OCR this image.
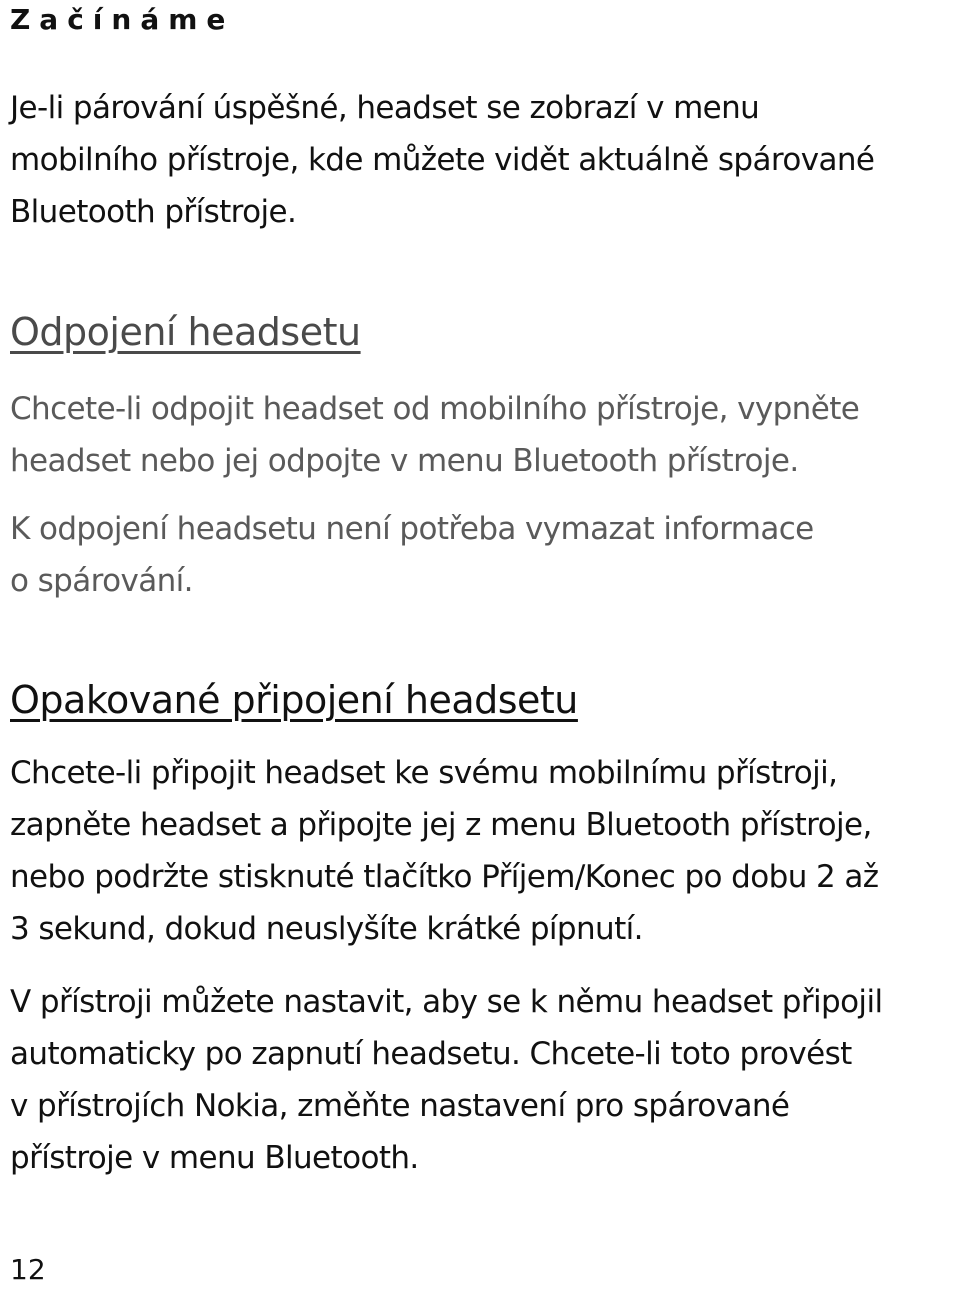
Začínáme
Je-li párování úspěšné, headset se zobrazí v menu
mobilního přístroje, kde můžete vidět aktuálně spárované
Bluetooth přístroje.
Odpojení headsetu
Chcete-li odpojit headset od mobilního přístroje, vypněte
headset nebo jej odpojte v menu Bluetooth přístroje.
K odpojení headsetu není potřeba vymazat informace
o spárování.
Opakované připojení headsetu
Chcete-li připojit headset ke svému mobilnímu přístroji,
zapněte headset a připojte jej z menu Bluetooth přístroje,
nebo podržte stisknuté tlačítko Příjem/Konec po dobu 2 až
3 sekund, dokud neuslyšíte krátké pípnutí.
V přístroji můžete nastavit, aby se k němu headset připojil
automaticky po zapnutí headsetu. Chcete-li toto provést
v přístrojích Nokia, změňte nastavení pro spárované
přístroje v menu Bluetooth.
12
